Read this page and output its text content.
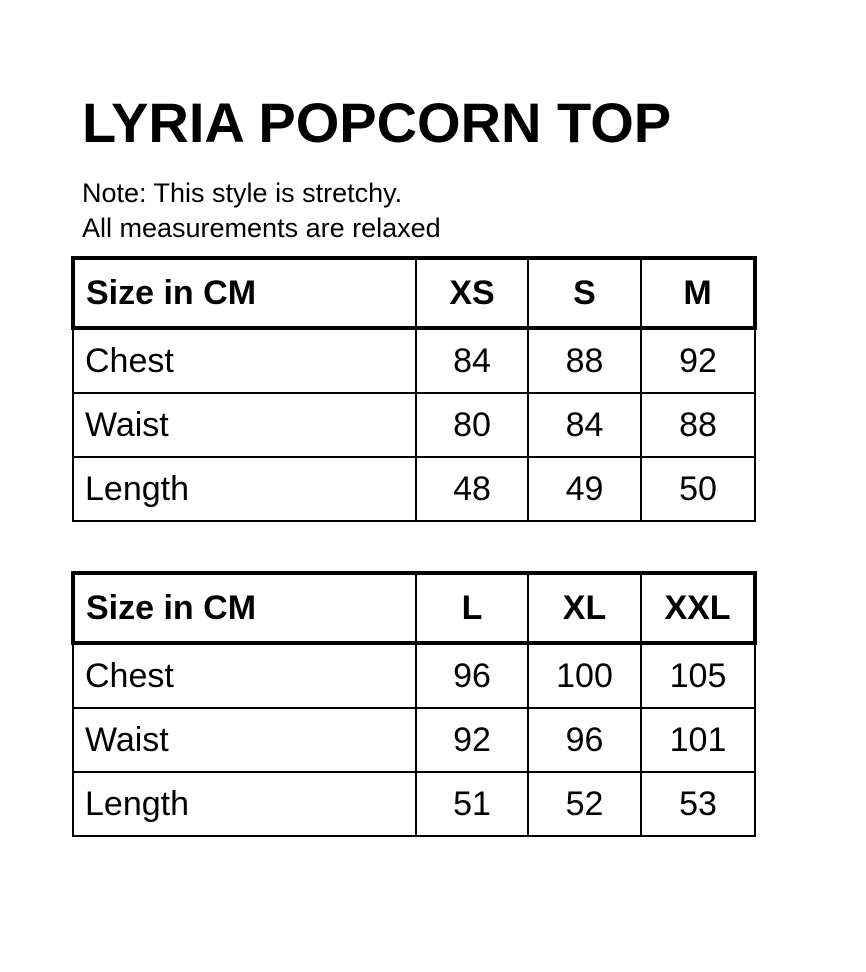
LYRIA POPCORN TOP

Note: This style is stretchy.
All measurements are relaxed

Size in CM	XS	S	M
Chest	84	88	92
Waist	80	84	88
Length	48	49	50
Size in CM	L	XL	XXL
Chest	96	100	105
Waist	92	96	101
Length	51	52	53
